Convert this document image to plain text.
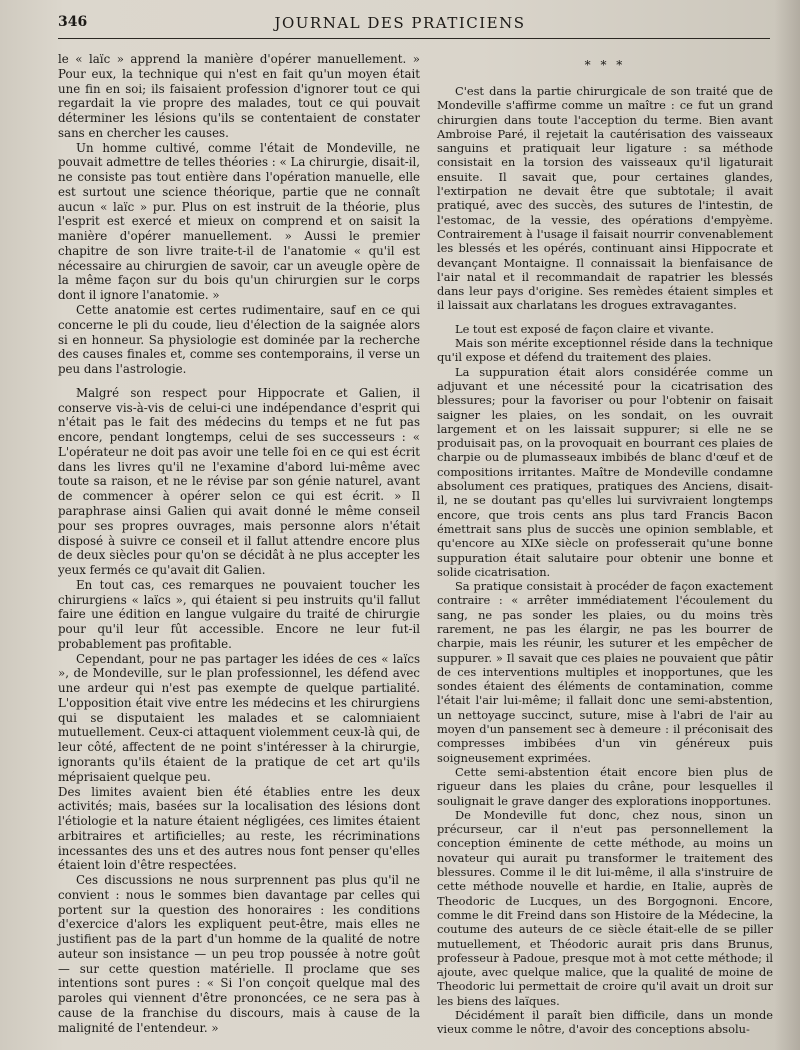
346	JOURNAL DES PRATICIENS

le « laïc » apprend la manière d'opérer manuellement. » Pour eux, la technique qui n'est en fait qu'un moyen était une fin en soi; ils faisaient profession d'ignorer tout ce qui regardait la vie propre des malades, tout ce qui pouvait déterminer les lésions qu'ils se contentaient de constater sans en chercher les causes.

Un homme cultivé, comme l'était de Mondeville, ne pouvait admettre de telles théories : « La chirurgie, disait-il, ne consiste pas tout entière dans l'opération manuelle, elle est surtout une science théorique, partie que ne connaît aucun « laïc » pur. Plus on est instruit de la théorie, plus l'esprit est exercé et mieux on comprend et on saisit la manière d'opérer manuellement. » Aussi le premier chapitre de son livre traite-t-il de l'anatomie « qu'il est nécessaire au chirurgien de savoir, car un aveugle opère de la même façon sur du bois qu'un chirurgien sur le corps dont il ignore l'anatomie. »

Cette anatomie est certes rudimentaire, sauf en ce qui concerne le pli du coude, lieu d'élection de la saignée alors si en honneur. Sa physiologie est dominée par la recherche des causes finales et, comme ses contemporains, il verse un peu dans l'astrologie.

Malgré son respect pour Hippocrate et Galien, il conserve vis-à-vis de celui-ci une indépendance d'esprit qui n'était pas le fait des médecins du temps et ne fut pas encore, pendant longtemps, celui de ses successeurs : « L'opérateur ne doit pas avoir une telle foi en ce qui est écrit dans les livres qu'il ne l'examine d'abord lui-même avec toute sa raison, et ne le révise par son génie naturel, avant de commencer à opérer selon ce qui est écrit. » Il paraphrase ainsi Galien qui avait donné le même conseil pour ses propres ouvrages, mais personne alors n'était disposé à suivre ce conseil et il fallut attendre encore plus de deux siècles pour qu'on se décidât à ne plus accepter les yeux fermés ce qu'avait dit Galien.

En tout cas, ces remarques ne pouvaient toucher les chirurgiens « laïcs », qui étaient si peu instruits qu'il fallut faire une édition en langue vulgaire du traité de chirurgie pour qu'il leur fût accessible. Encore ne leur fut-il probablement pas profitable.

Cependant, pour ne pas partager les idées de ces « laïcs », de Mondeville, sur le plan professionnel, les défend avec une ardeur qui n'est pas exempte de quelque partialité. L'opposition était vive entre les médecins et les chirurgiens qui se disputaient les malades et se calomniaient mutuellement. Ceux-ci attaquent violemment ceux-là qui, de leur côté, affectent de ne point s'intéresser à la chirurgie, ignorants qu'ils étaient de la pratique de cet art qu'ils méprisaient quelque peu.

Des limites avaient bien été établies entre les deux activités; mais, basées sur la localisation des lésions dont l'étiologie et la nature étaient négligées, ces limites étaient arbitraires et artificielles; au reste, les récriminations incessantes des uns et des autres nous font penser qu'elles étaient loin d'être respectées.

Ces discussions ne nous surprennent pas plus qu'il ne convient : nous le sommes bien davantage par celles qui portent sur la question des honoraires : les conditions d'exercice d'alors les expliquent peut-être, mais elles ne justifient pas de la part d'un homme de la qualité de notre auteur son insistance — un peu trop poussée à notre goût — sur cette question matérielle. Il proclame que ses intentions sont pures : « Si l'on conçoit quelque mal des paroles qui viennent d'être prononcées, ce ne sera pas à cause de la franchise du discours, mais à cause de la malignité de l'entendeur. »

* * *

C'est dans la partie chirurgicale de son traité que de Mondeville s'affirme comme un maître : ce fut un grand chirurgien dans toute l'acception du terme. Bien avant Ambroise Paré, il rejetait la cautérisation des vaisseaux sanguins et pratiquait leur ligature : sa méthode consistait en la torsion des vaisseaux qu'il ligaturait ensuite. Il savait que, pour certaines glandes, l'extirpation ne devait être que subtotale; il avait pratiqué, avec des succès, des sutures de l'intestin, de l'estomac, de la vessie, des opérations d'empyème. Contrairement à l'usage il faisait nourrir convenablement les blessés et les opérés, continuant ainsi Hippocrate et devançant Montaigne. Il connaissait la bienfaisance de l'air natal et il recommandait de rapatrier les blessés dans leur pays d'origine. Ses remèdes étaient simples et il laissait aux charlatans les drogues extravagantes.

Le tout est exposé de façon claire et vivante.

Mais son mérite exceptionnel réside dans la technique qu'il expose et défend du traitement des plaies.

La suppuration était alors considérée comme un adjuvant et une nécessité pour la cicatrisation des blessures; pour la favoriser ou pour l'obtenir on faisait saigner les plaies, on les sondait, on les ouvrait largement et on les laissait suppurer; si elle ne se produisait pas, on la provoquait en bourrant ces plaies de charpie ou de plumasseaux imbibés de blanc d'œuf et de compositions irritantes. Maître de Mondeville condamne absolument ces pratiques, pratiques des Anciens, disait-il, ne se doutant pas qu'elles lui survivraient longtemps encore, que trois cents ans plus tard Francis Bacon émettrait sans plus de succès une opinion semblable, et qu'encore au XIXe siècle on professerait qu'une bonne suppuration était salutaire pour obtenir une bonne et solide cicatrisation.

Sa pratique consistait à procéder de façon exactement contraire : « arrêter immédiatement l'écoulement du sang, ne pas sonder les plaies, ou du moins très rarement, ne pas les élargir, ne pas les bourrer de charpie, mais les réunir, les suturer et les empêcher de suppurer. » Il savait que ces plaies ne pouvaient que pâtir de ces interventions multiples et inopportunes, que les sondes étaient des éléments de contamination, comme l'était l'air lui-même; il fallait donc une semi-abstention, un nettoyage succinct, suture, mise à l'abri de l'air au moyen d'un pansement sec à demeure : il préconisait des compresses imbibées d'un vin généreux puis soigneusement exprimées.

Cette semi-abstention était encore bien plus de rigueur dans les plaies du crâne, pour lesquelles il soulignait le grave danger des explorations inopportunes.

De Mondeville fut donc, chez nous, sinon un précurseur, car il n'eut pas personnellement la conception éminente de cette méthode, au moins un novateur qui aurait pu transformer le traitement des blessures. Comme il le dit lui-même, il alla s'instruire de cette méthode nouvelle et hardie, en Italie, auprès de Theodoric de Lucques, un des Borgognoni. Encore, comme le dit Freind dans son Histoire de la Médecine, la coutume des auteurs de ce siècle était-elle de se piller mutuellement, et Théodoric aurait pris dans Brunus, professeur à Padoue, presque mot à mot cette méthode; il ajoute, avec quelque malice, que la qualité de moine de Theodoric lui permettait de croire qu'il avait un droit sur les biens des laïques.

Décidément il paraît bien difficile, dans un monde vieux comme le nôtre, d'avoir des conceptions absolu-
